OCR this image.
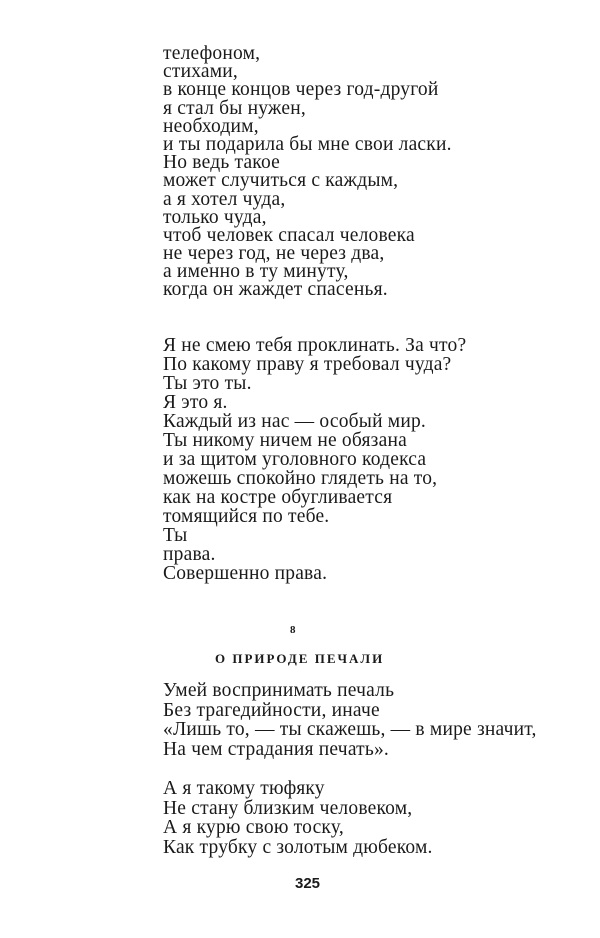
телефоном,
стихами,
в конце концов через год-другой
я стал бы нужен,
необходим,
и ты подарила бы мне свои ласки.
Но ведь такое
может случиться с каждым,
а я хотел чуда,
только чуда,
чтоб человек спасал человека
не через год, не через два,
а именно в ту минуту,
когда он жаждет спасенья.
Я не смею тебя проклинать. За что?
По какому праву я требовал чуда?
Ты это ты.
Я это я.
Каждый из нас — особый мир.
Ты никому ничем не обязана
и за щитом уголовного кодекса
можешь спокойно глядеть на то,
как на костре обугливается
томящийся по тебе.
Ты
права.
Совершенно права.
8
О ПРИРОДЕ ПЕЧАЛИ
Умей воспринимать печаль
Без трагедийности, иначе
«Лишь то, — ты скажешь, — в мире значит,
На чем страдания печать».
А я такому тюфяку
Не стану близким человеком,
А я курю свою тоску,
Как трубку с золотым дюбеком.
325
